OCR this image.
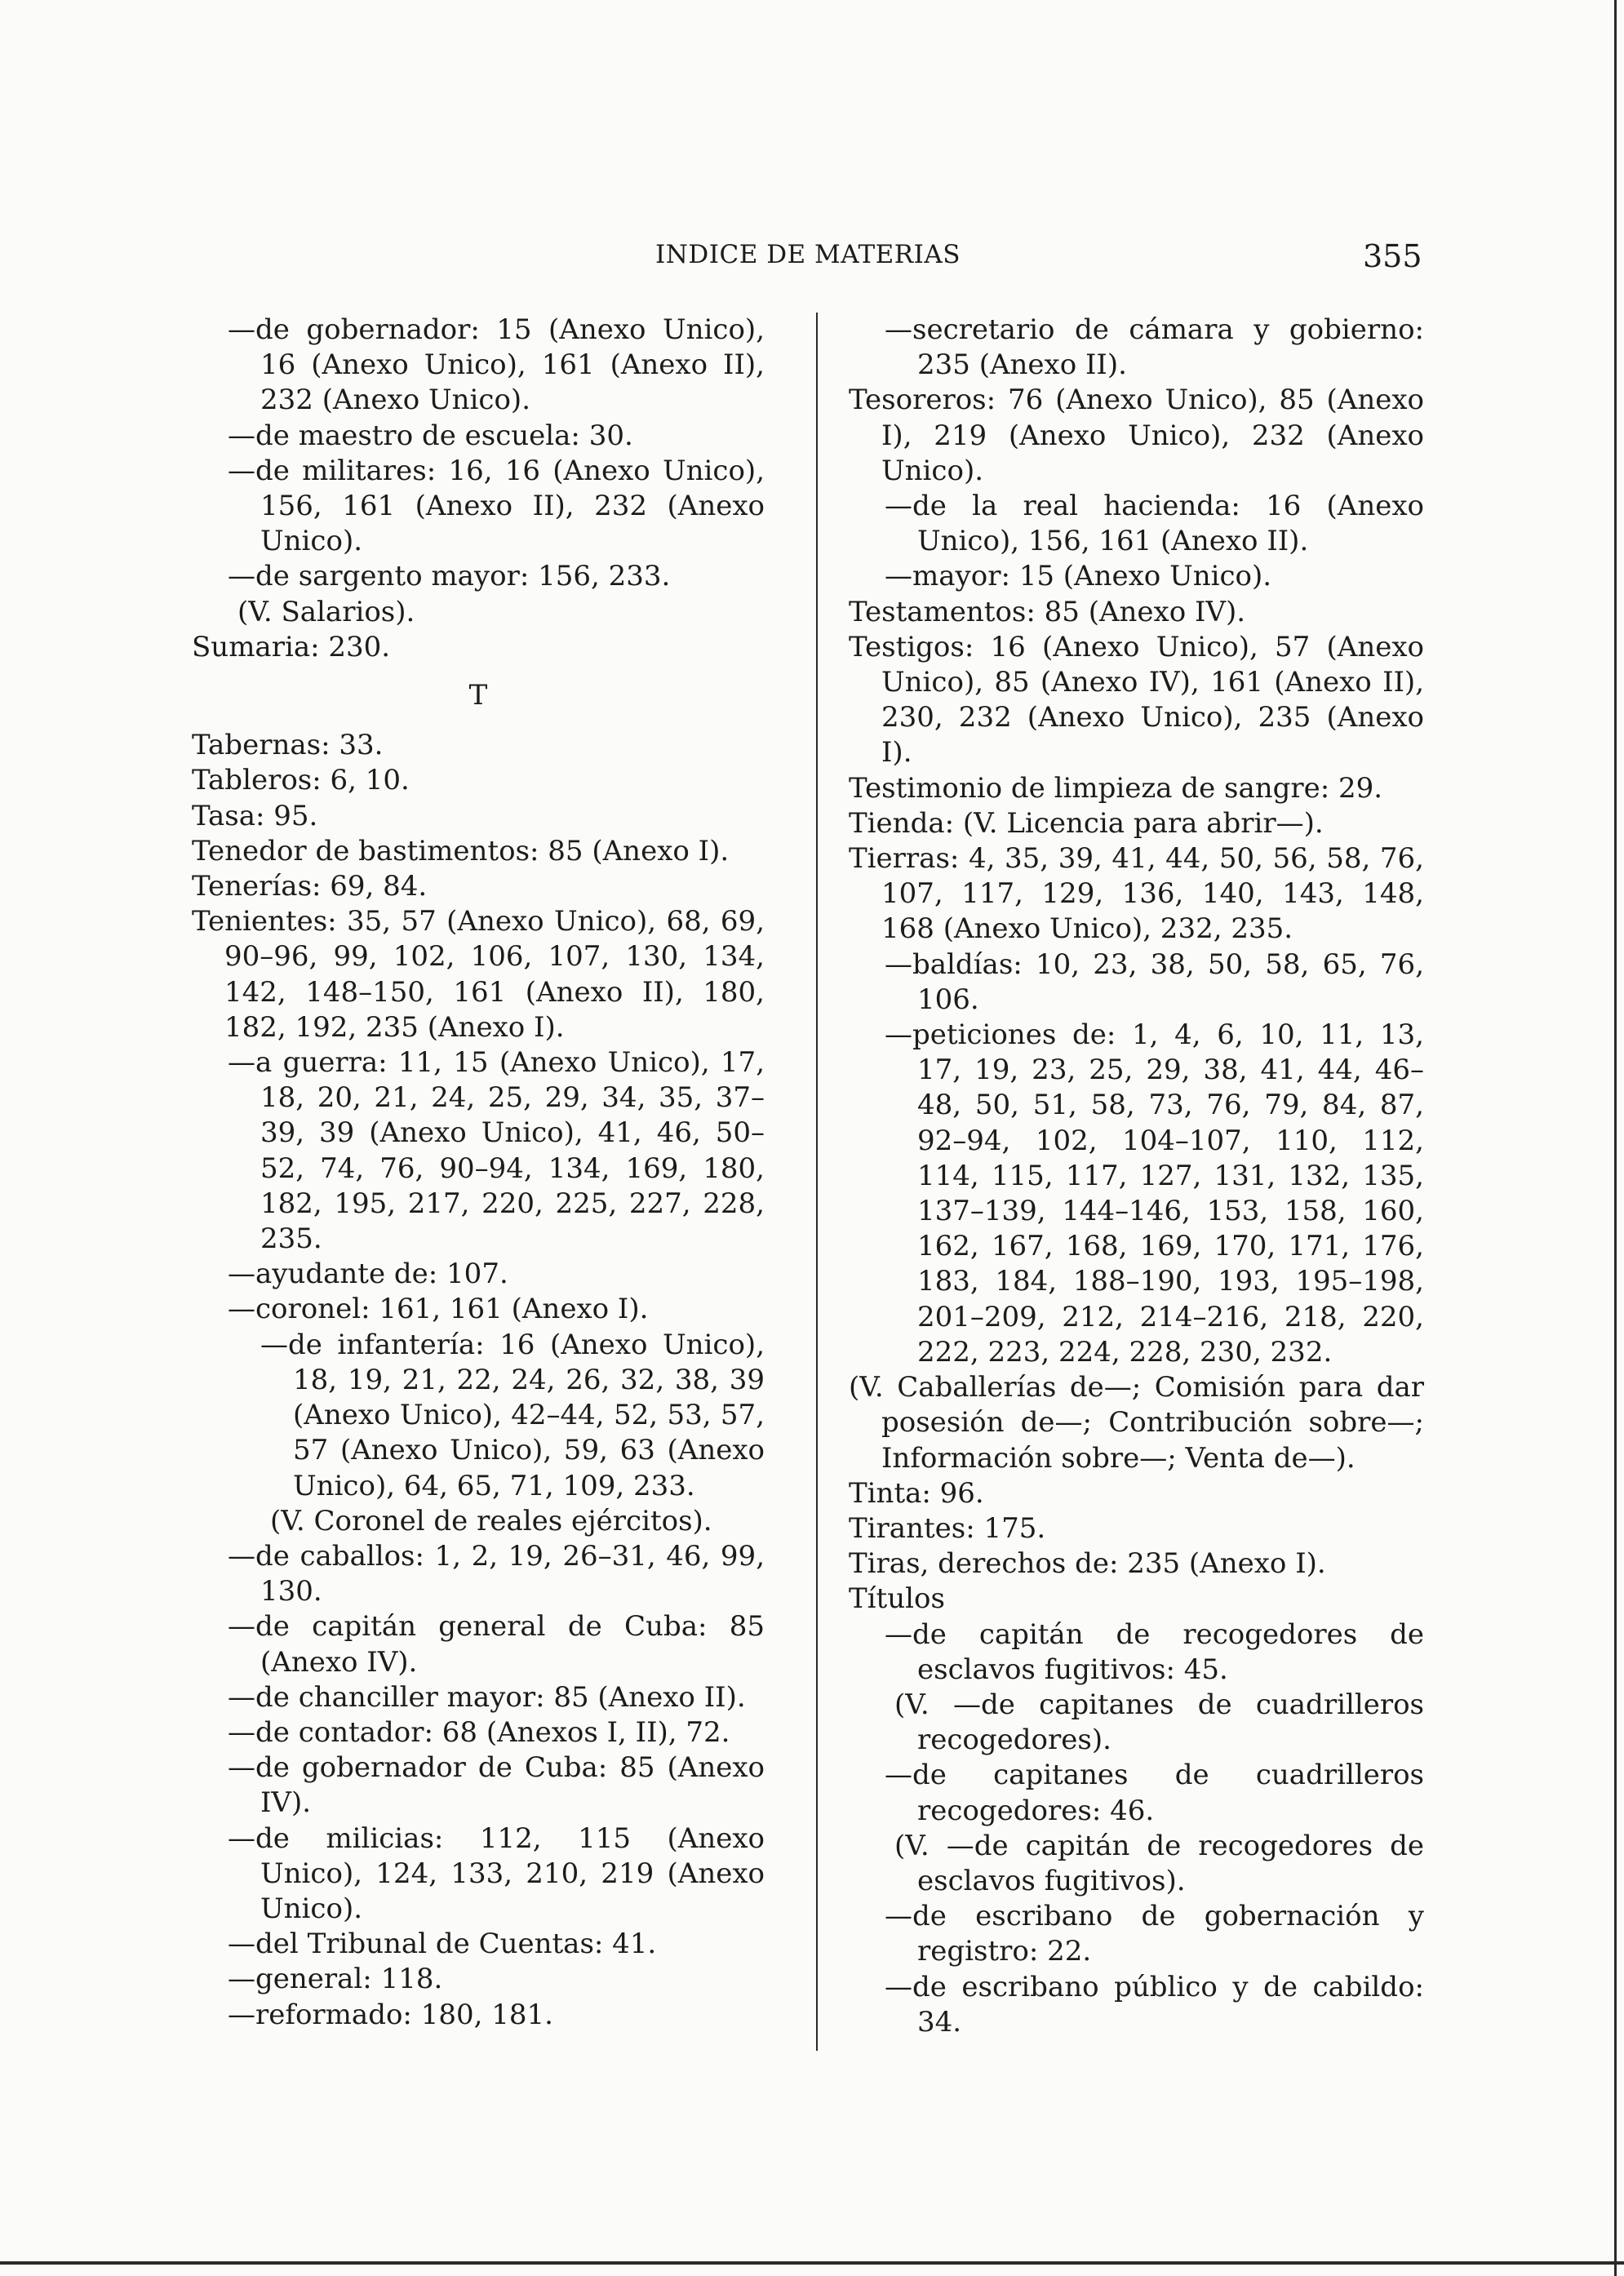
INDICE DE MATERIAS	355

—de gobernador: 15 (Anexo Unico), 16 (Anexo Unico), 161 (Anexo II), 232 (Anexo Unico).

—de maestro de escuela: 30.

—de militares: 16, 16 (Anexo Unico), 156, 161 (Anexo II), 232 (Anexo Unico).

—de sargento mayor: 156, 233.

(V. Salarios).

Sumaria: 230.

T

Tabernas: 33.

Tableros: 6, 10.

Tasa: 95.

Tenedor de bastimentos: 85 (Anexo I).

Tenerías: 69, 84.

Tenientes: 35, 57 (Anexo Unico), 68, 69, 90–96, 99, 102, 106, 107, 130, 134, 142, 148–150, 161 (Anexo II), 180, 182, 192, 235 (Anexo I).

—a guerra: 11, 15 (Anexo Unico), 17, 18, 20, 21, 24, 25, 29, 34, 35, 37–39, 39 (Anexo Unico), 41, 46, 50–52, 74, 76, 90–94, 134, 169, 180, 182, 195, 217, 220, 225, 227, 228, 235.

—ayudante de: 107.

—coronel: 161, 161 (Anexo I).

—de infantería: 16 (Anexo Unico), 18, 19, 21, 22, 24, 26, 32, 38, 39 (Anexo Unico), 42–44, 52, 53, 57, 57 (Anexo Unico), 59, 63 (Anexo Unico), 64, 65, 71, 109, 233.

(V. Coronel de reales ejércitos).

—de caballos: 1, 2, 19, 26–31, 46, 99, 130.

—de capitán general de Cuba: 85 (Anexo IV).

—de chanciller mayor: 85 (Anexo II).

—de contador: 68 (Anexos I, II), 72.

—de gobernador de Cuba: 85 (Anexo IV).

—de milicias: 112, 115 (Anexo Unico), 124, 133, 210, 219 (Anexo Unico).

—del Tribunal de Cuentas: 41.

—general: 118.

—reformado: 180, 181.

—secretario de cámara y gobierno: 235 (Anexo II).

Tesoreros: 76 (Anexo Unico), 85 (Anexo I), 219 (Anexo Unico), 232 (Anexo Unico).

—de la real hacienda: 16 (Anexo Unico), 156, 161 (Anexo II).

—mayor: 15 (Anexo Unico).

Testamentos: 85 (Anexo IV).

Testigos: 16 (Anexo Unico), 57 (Anexo Unico), 85 (Anexo IV), 161 (Anexo II), 230, 232 (Anexo Unico), 235 (Anexo I).

Testimonio de limpieza de sangre: 29.

Tienda: (V. Licencia para abrir—).

Tierras: 4, 35, 39, 41, 44, 50, 56, 58, 76, 107, 117, 129, 136, 140, 143, 148, 168 (Anexo Unico), 232, 235.

—baldías: 10, 23, 38, 50, 58, 65, 76, 106.

—peticiones de: 1, 4, 6, 10, 11, 13, 17, 19, 23, 25, 29, 38, 41, 44, 46–48, 50, 51, 58, 73, 76, 79, 84, 87, 92–94, 102, 104–107, 110, 112, 114, 115, 117, 127, 131, 132, 135, 137–139, 144–146, 153, 158, 160, 162, 167, 168, 169, 170, 171, 176, 183, 184, 188–190, 193, 195–198, 201–209, 212, 214–216, 218, 220, 222, 223, 224, 228, 230, 232.

(V. Caballerías de—; Comisión para dar posesión de—; Contribución sobre—; Información sobre—; Venta de—).

Tinta: 96.

Tirantes: 175.

Tiras, derechos de: 235 (Anexo I).

Títulos

—de capitán de recogedores de esclavos fugitivos: 45.

(V. —de capitanes de cuadrilleros recogedores).

—de capitanes de cuadrilleros recogedores: 46.

(V. —de capitán de recogedores de esclavos fugitivos).

—de escribano de gobernación y registro: 22.

—de escribano público y de cabildo: 34.
